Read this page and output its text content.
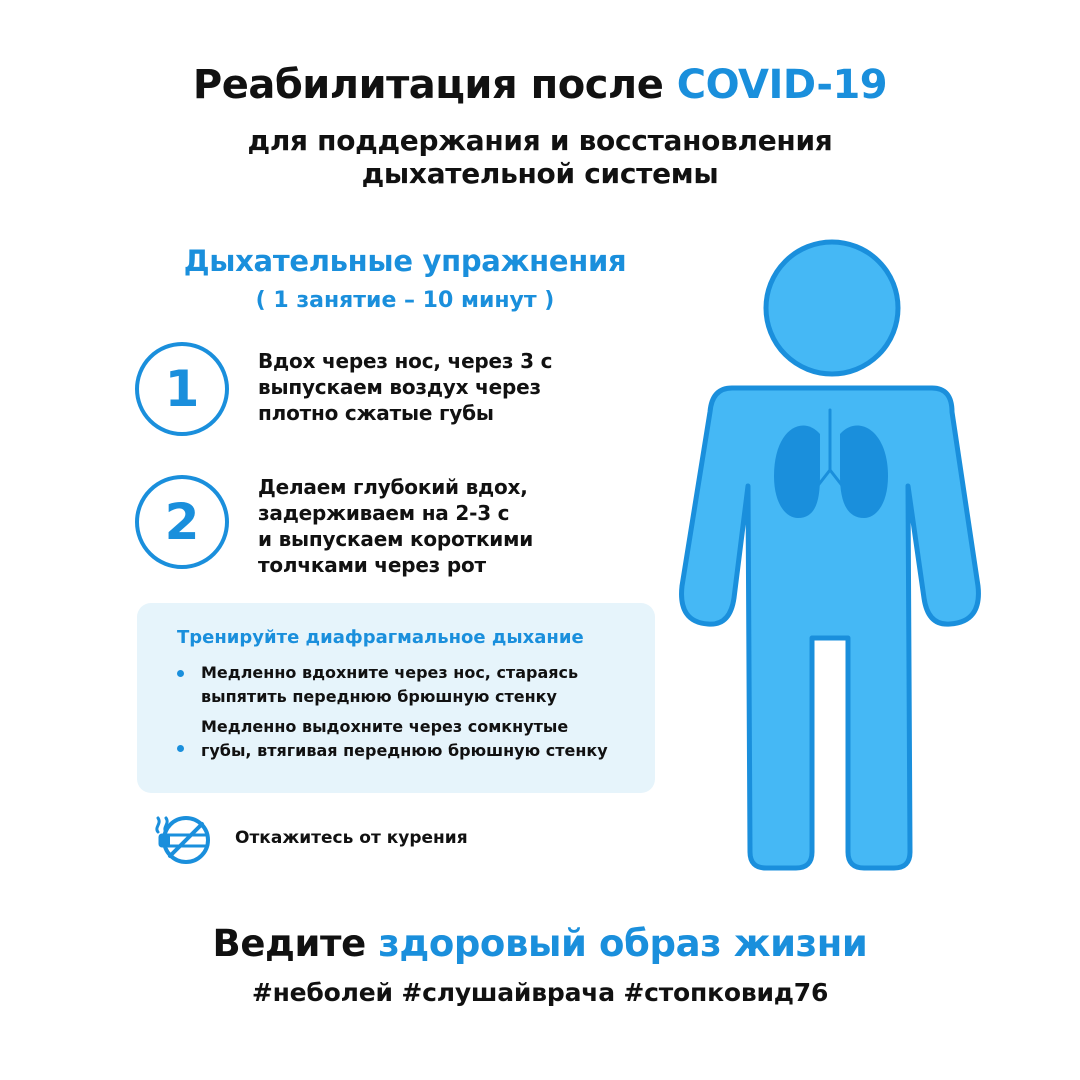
Реабилитация после COVID-19
для поддержания и восстановления
дыхательной системы
Дыхательные упражнения
( 1 занятие – 10 минут )
1	Вдох через нос, через 3 с
выпускаем воздух через
плотно сжатые губы
2
Делаем глубокий вдох,
задерживаем на 2-3 с
и выпускаем короткими
толчками через рот
Тренируйте диафрагмальное дыхание
Медленно вдохните через нос, стараясь
выпятить переднюю брюшную стенку
Медленно выдохните через сомкнутые
губы, втягивая переднюю брюшную стенку
Откажитесь от курения
Ведите здоровый образ жизни
#неболей #слушайврача #стопковид76
